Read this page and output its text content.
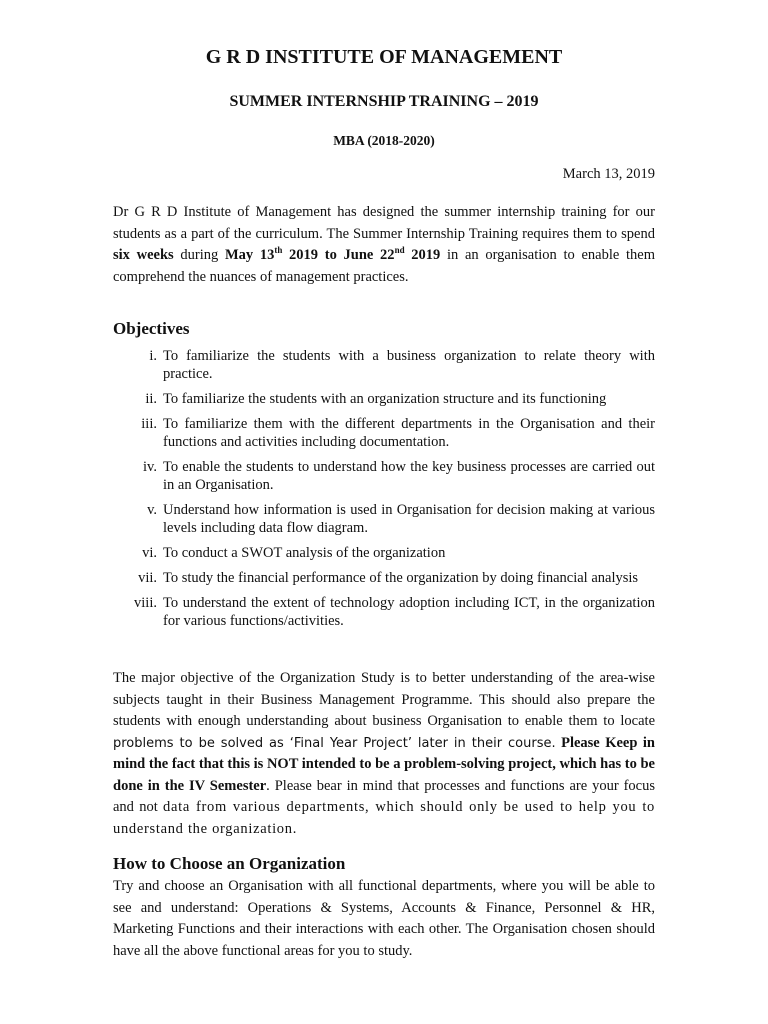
G R D INSTITUTE OF MANAGEMENT
SUMMER INTERNSHIP TRAINING – 2019

MBA (2018-2020)

March 13, 2019

Dr G R D Institute of Management has designed the summer internship training for our students as a part of the curriculum. The Summer Internship Training requires them to spend six weeks during May 13th 2019 to June 22nd 2019 in an organisation to enable them comprehend the nuances of management practices.

Objectives
i. To familiarize the students with a business organization to relate theory with practice.
ii. To familiarize the students with an organization structure and its functioning
iii. To familiarize them with the different departments in the Organisation and their functions and activities including documentation.
iv. To enable the students to understand how the key business processes are carried out in an Organisation.
v. Understand how information is used in Organisation for decision making at various levels including data flow diagram.
vi. To conduct a SWOT analysis of the organization
vii. To study the financial performance of the organization by doing financial analysis
viii. To understand the extent of technology adoption including ICT, in the organization for various functions/activities.

The major objective of the Organization Study is to better understanding of the area-wise subjects taught in their Business Management Programme. This should also prepare the students with enough understanding about business Organisation to enable them to locate problems to be solved as ‘Final Year Project’ later in their course. Please Keep in mind the fact that this is NOT intended to be a problem-solving project, which has to be done in the IV Semester. Please bear in mind that processes and functions are your focus and not data from various departments, which should only be used to help you to understand the organization.

How to Choose an Organization

Try and choose an Organisation with all functional departments, where you will be able to see and understand: Operations & Systems, Accounts & Finance, Personnel & HR, Marketing Functions and their interactions with each other. The Organisation chosen should have all the above functional areas for you to study.
